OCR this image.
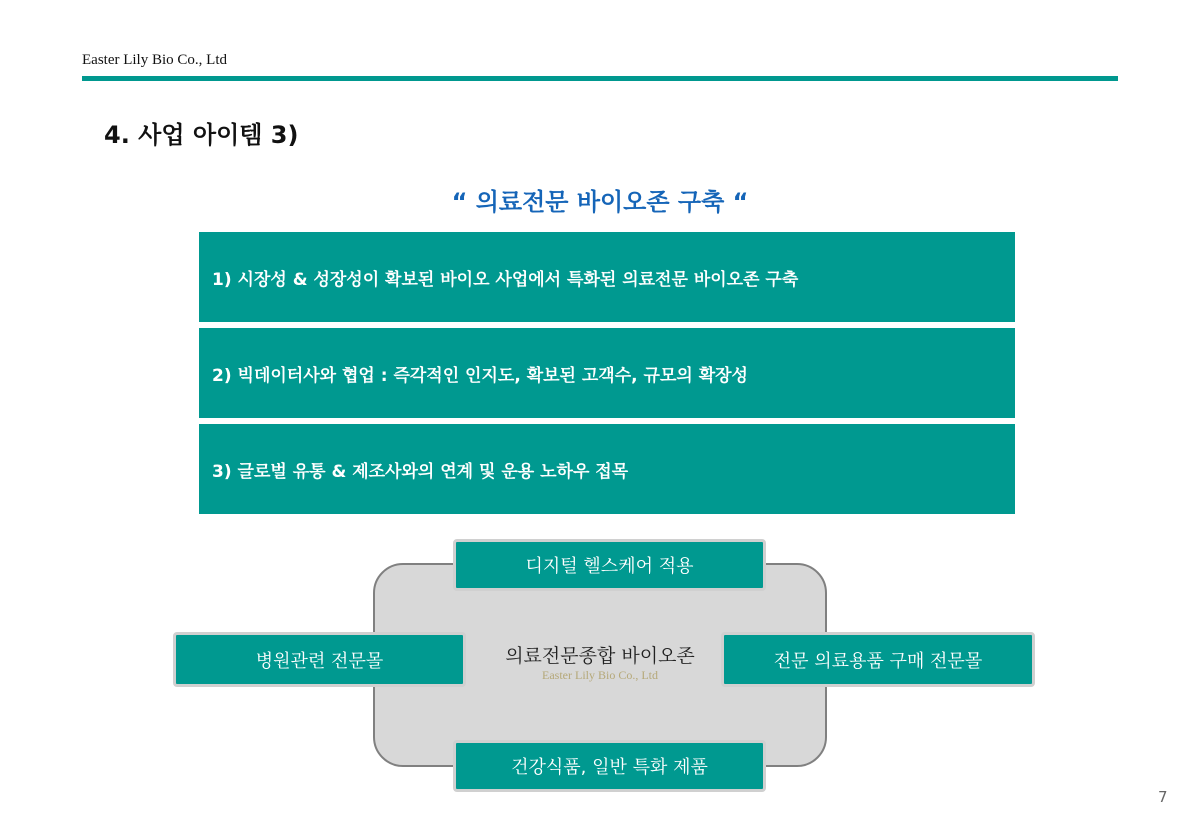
Easter Lily Bio Co., Ltd
4. 사업 아이템 3)
“ 의료전문 바이오존 구축 “
1) 시장성 & 성장성이 확보된 바이오 사업에서 특화된 의료전문 바이오존 구축
2) 빅데이터사와 협업 : 즉각적인 인지도, 확보된 고객수, 규모의 확장성
3) 글로벌 유통 & 제조사와의 연계 및 운용 노하우 접목
의료전문종합 바이오존
Easter Lily Bio Co., Ltd
디지털 헬스케어 적용
병원관련 전문몰	전문 의료용품 구매 전문몰
건강식품, 일반 특화 제품
7
